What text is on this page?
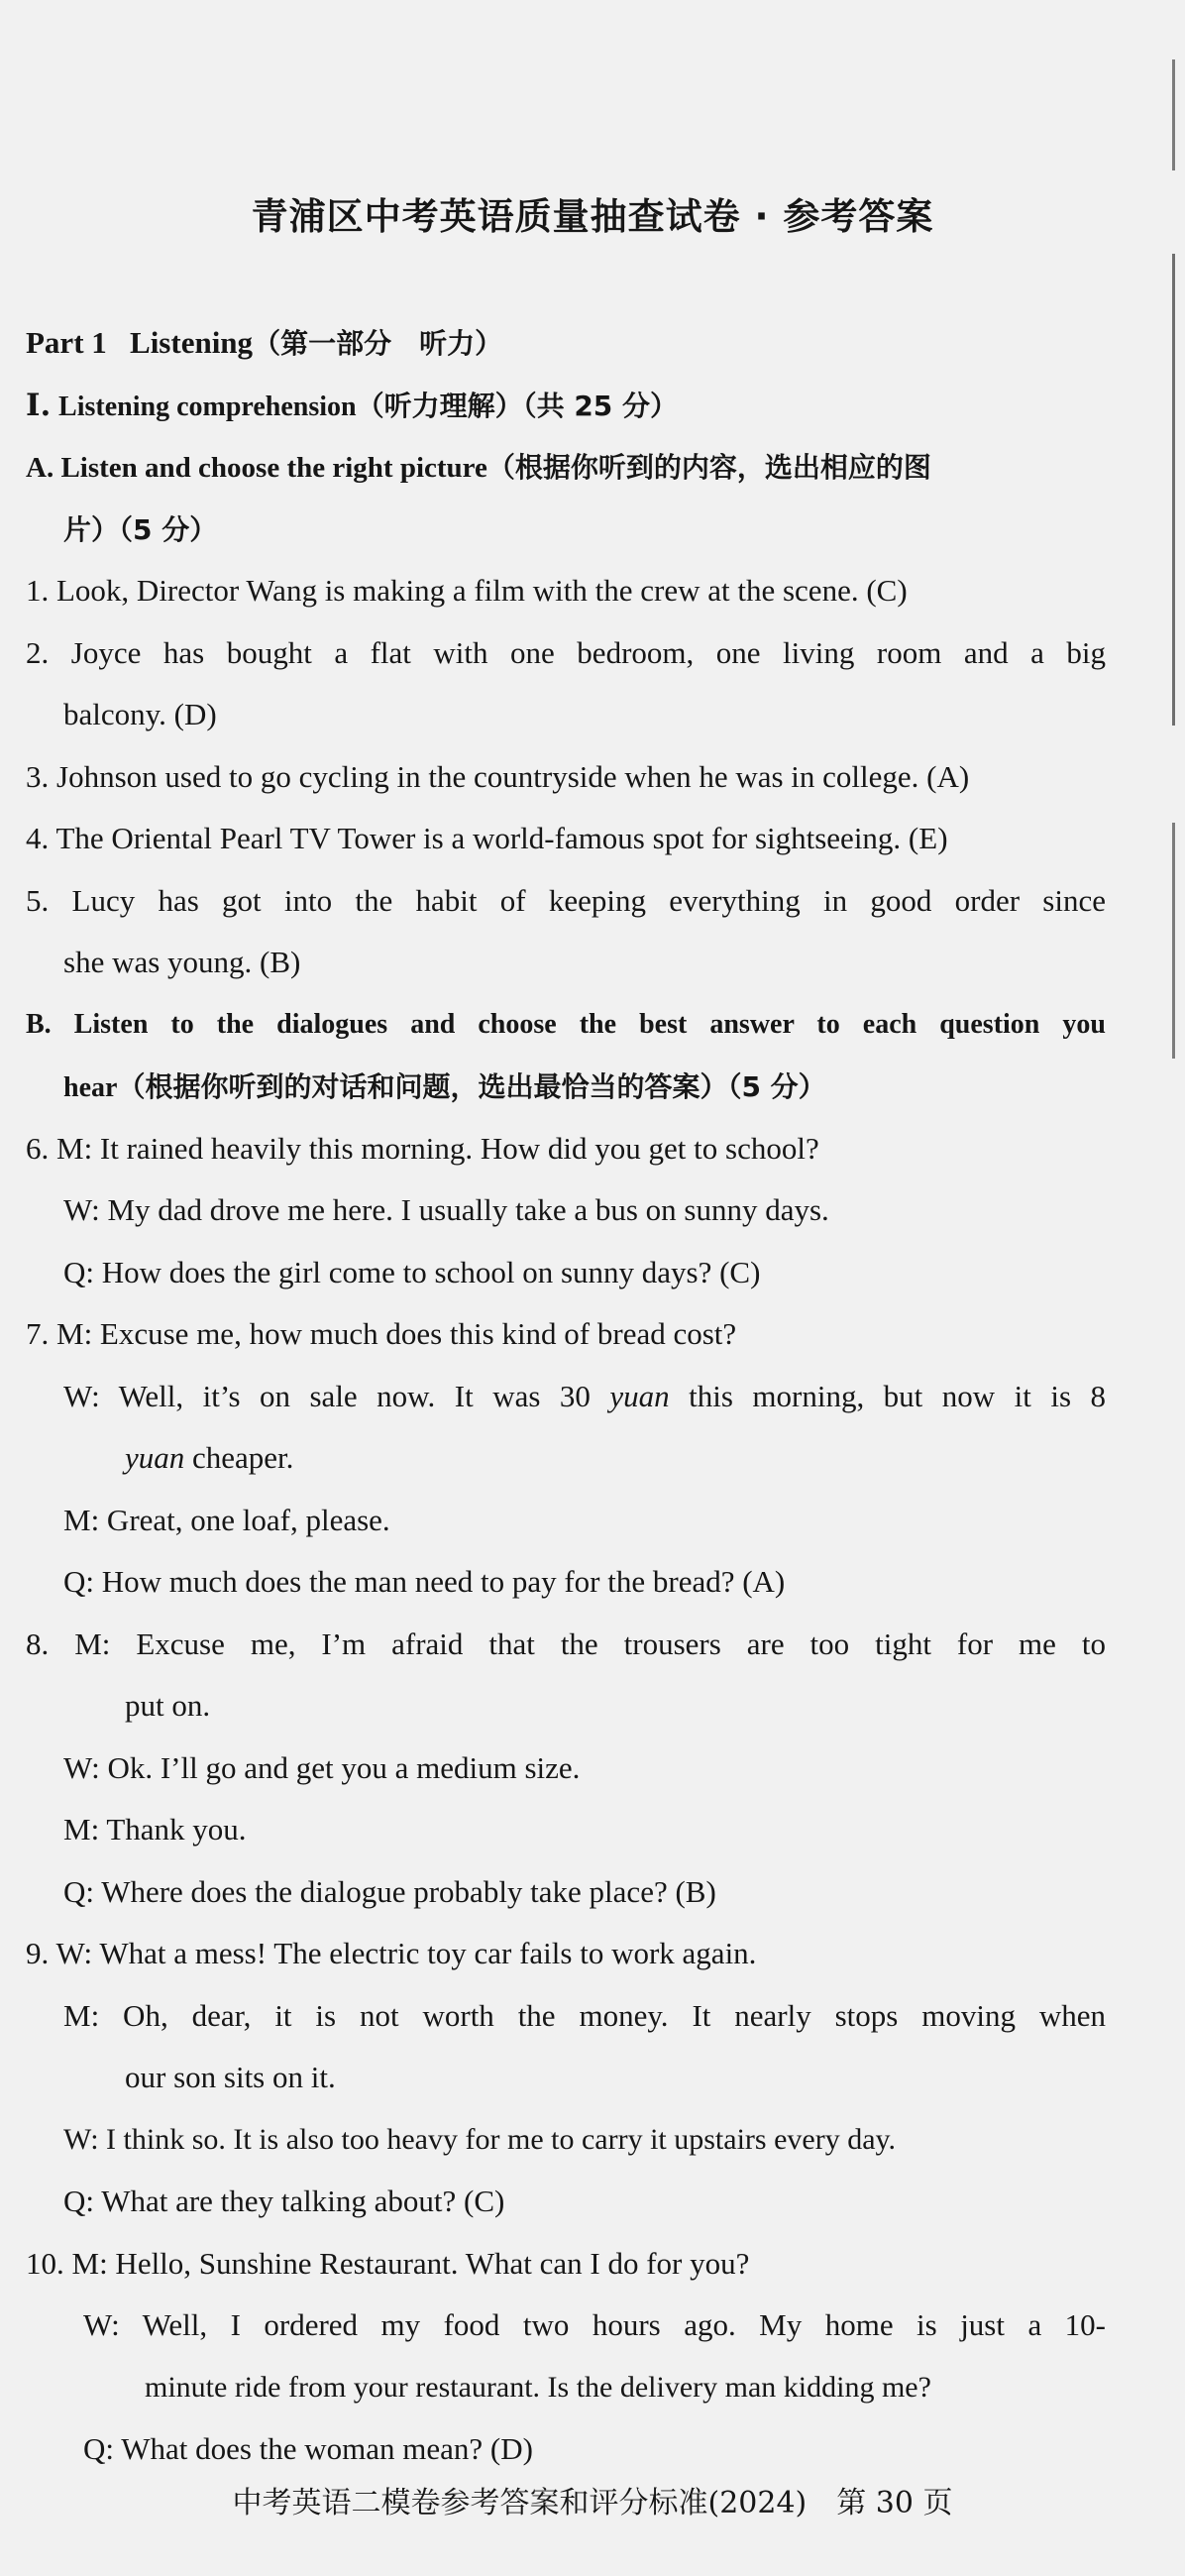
青浦区中考英语质量抽查试卷 · 参考答案
Part 1   Listening（第一部分　听力）
Ⅰ. Listening comprehension（听力理解）（共 25 分）
A. Listen and choose the right picture（根据你听到的内容，选出相应的图
片）（5 分）
1. Look, Director Wang is making a film with the crew at the scene. (C)
2. Joyce has bought a flat with one bedroom, one living room and a big
balcony. (D)
3. Johnson used to go cycling in the countryside when he was in college. (A)
4. The Oriental Pearl TV Tower is a world-famous spot for sightseeing. (E)
5. Lucy has got into the habit of keeping everything in good order since
she was young. (B)
B. Listen to the dialogues and choose the best answer to each question you
hear（根据你听到的对话和问题，选出最恰当的答案）（5 分）
6. M: It rained heavily this morning. How did you get to school?
W: My dad drove me here. I usually take a bus on sunny days.
Q: How does the girl come to school on sunny days? (C)
7. M: Excuse me, how much does this kind of bread cost?
W: Well, it’s on sale now. It was 30 yuan this morning, but now it is 8
yuan cheaper.
M: Great, one loaf, please.
Q: How much does the man need to pay for the bread? (A)
8. M: Excuse me, I’m afraid that the trousers are too tight for me to
put on.
W: Ok. I’ll go and get you a medium size.
M: Thank you.
Q: Where does the dialogue probably take place? (B)
9. W: What a mess! The electric toy car fails to work again.
M: Oh, dear, it is not worth the money. It nearly stops moving when
our son sits on it.
W: I think so. It is also too heavy for me to carry it upstairs every day.
Q: What are they talking about? (C)
10. M: Hello, Sunshine Restaurant. What can I do for you?
W: Well, I ordered my food two hours ago. My home is just a 10-
minute ride from your restaurant. Is the delivery man kidding me?
Q: What does the woman mean? (D)
中考英语二模卷参考答案和评分标准(2024)　第 30 页
